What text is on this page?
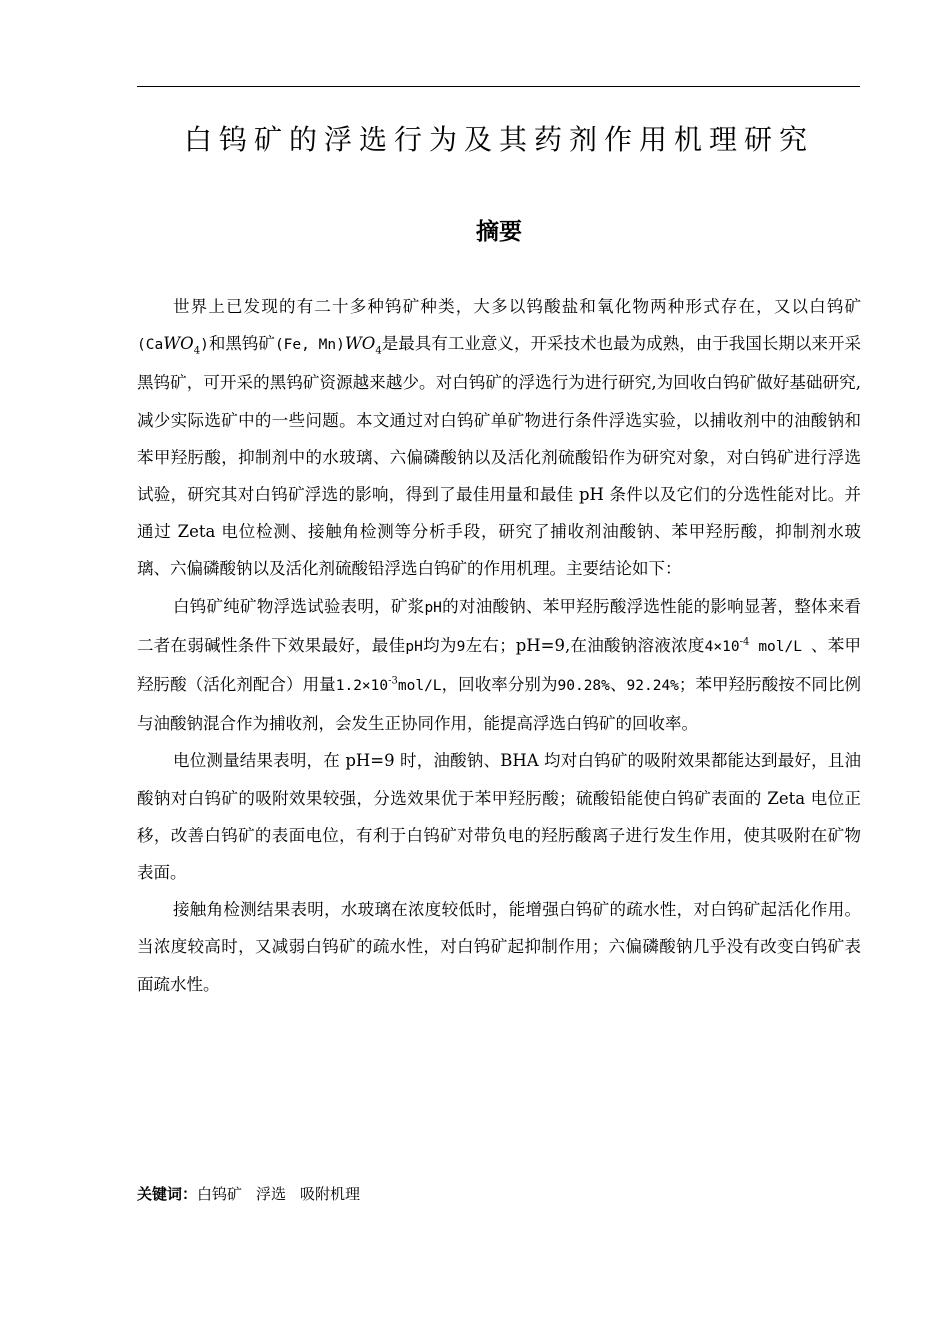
白钨矿的浮选行为及其药剂作用机理研究
摘要

世界上已发现的有二十多种钨矿种类，大多以钨酸盐和氧化物两种形式存在，又以白钨矿(CaWO$_4$)和黑钨矿(Fe, $Mn)WO_4$是最具有工业意义，开采技术也最为成熟，由于我国长期以来开采黑钨矿，可开采的黑钨矿资源越来越少。对白钨矿的浮选行为进行研究,为回收白钨矿做好基础研究,减少实际选矿中的一些问题。本文通过对白钨矿单矿物进行条件浮选实验，以捕收剂中的油酸钠和苯甲羟肟酸，抑制剂中的水玻璃、六偏磷酸钠以及活化剂硫酸铅作为研究对象，对白钨矿进行浮选试验，研究其对白钨矿浮选的影响，得到了最佳用量和最佳 pH 条件以及它们的分选性能对比。并通过 Zeta 电位检测、接触角检测等分析手段，研究了捕收剂油酸钠、苯甲羟肟酸，抑制剂水玻璃、六偏磷酸钠以及活化剂硫酸铅浮选白钨矿的作用机理。主要结论如下：

白钨矿纯矿物浮选试验表明，矿浆pH的对油酸钠、苯甲羟肟酸浮选性能的影响显著，整体来看二者在弱碱性条件下效果最好，最佳pH均为9左右；pH=9,在油酸钠溶液浓度$4\times 10^{-4}$ mol/L 、苯甲羟肟酸（活化剂配合）用量$1.2\times 10^{-3}mol/L$，回收率分别为90.28%、92.24%；苯甲羟肟酸按不同比例与油酸钠混合作为捕收剂，会发生正协同作用，能提高浮选白钨矿的回收率。

电位测量结果表明，在 pH=9 时，油酸钠、BHA 均对白钨矿的吸附效果都能达到最好，且油酸钠对白钨矿的吸附效果较强，分选效果优于苯甲羟肟酸；硫酸铅能使白钨矿表面的 Zeta 电位正移，改善白钨矿的表面电位，有利于白钨矿对带负电的羟肟酸离子进行发生作用，使其吸附在矿物表面。

接触角检测结果表明，水玻璃在浓度较低时，能增强白钨矿的疏水性，对白钨矿起活化作用。当浓度较高时，又减弱白钨矿的疏水性，对白钨矿起抑制作用；六偏磷酸钠几乎没有改变白钨矿表面疏水性。

关键词：白钨矿 浮选 吸附机理
